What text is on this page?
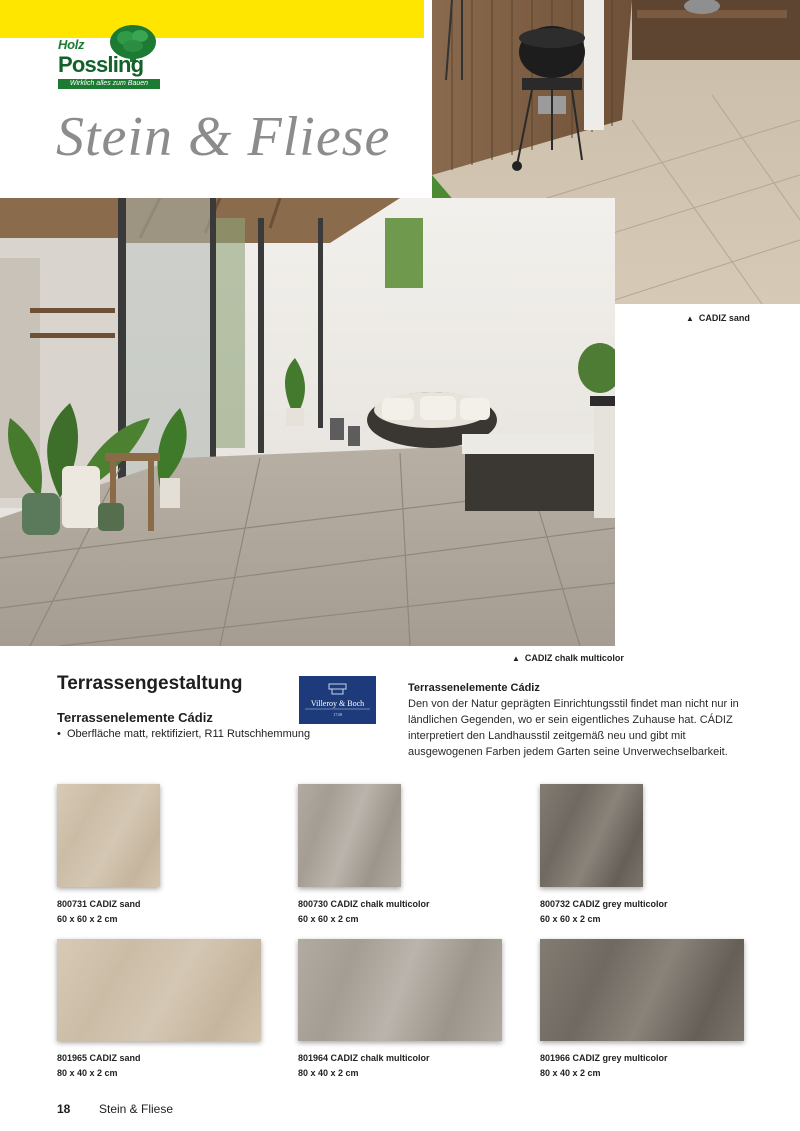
Holz
Possling
Wirklich alles zum Bauen
Stein & Fliese
▲ CADIZ sand
▲ CADIZ chalk multicolor
Terrassengestaltung
Terrassenelemente Cádiz
• Oberfläche matt, rektifiziert, R11 Rutschhemmung
Villeroy & Boch
1748
Terrassenelemente Cádiz
Den von der Natur geprägten Einrichtungsstil findet man nicht nur in ländlichen Gegenden, wo er sein eigentliches Zuhause hat. CÁDIZ interpretiert den Landhausstil zeitgemäß neu und gibt mit ausgewogenen Farben jedem Garten seine Unverwechselbarkeit.
800731 CADIZ sand
60 x 60 x 2 cm
800730 CADIZ chalk multicolor
60 x 60 x 2 cm
800732 CADIZ grey multicolor
60 x 60 x 2 cm
801965 CADIZ sand
80 x 40 x 2 cm
801964 CADIZ chalk multicolor
80 x 40 x 2 cm
801966 CADIZ grey multicolor
80 x 40 x 2 cm
18 Stein & Fliese
